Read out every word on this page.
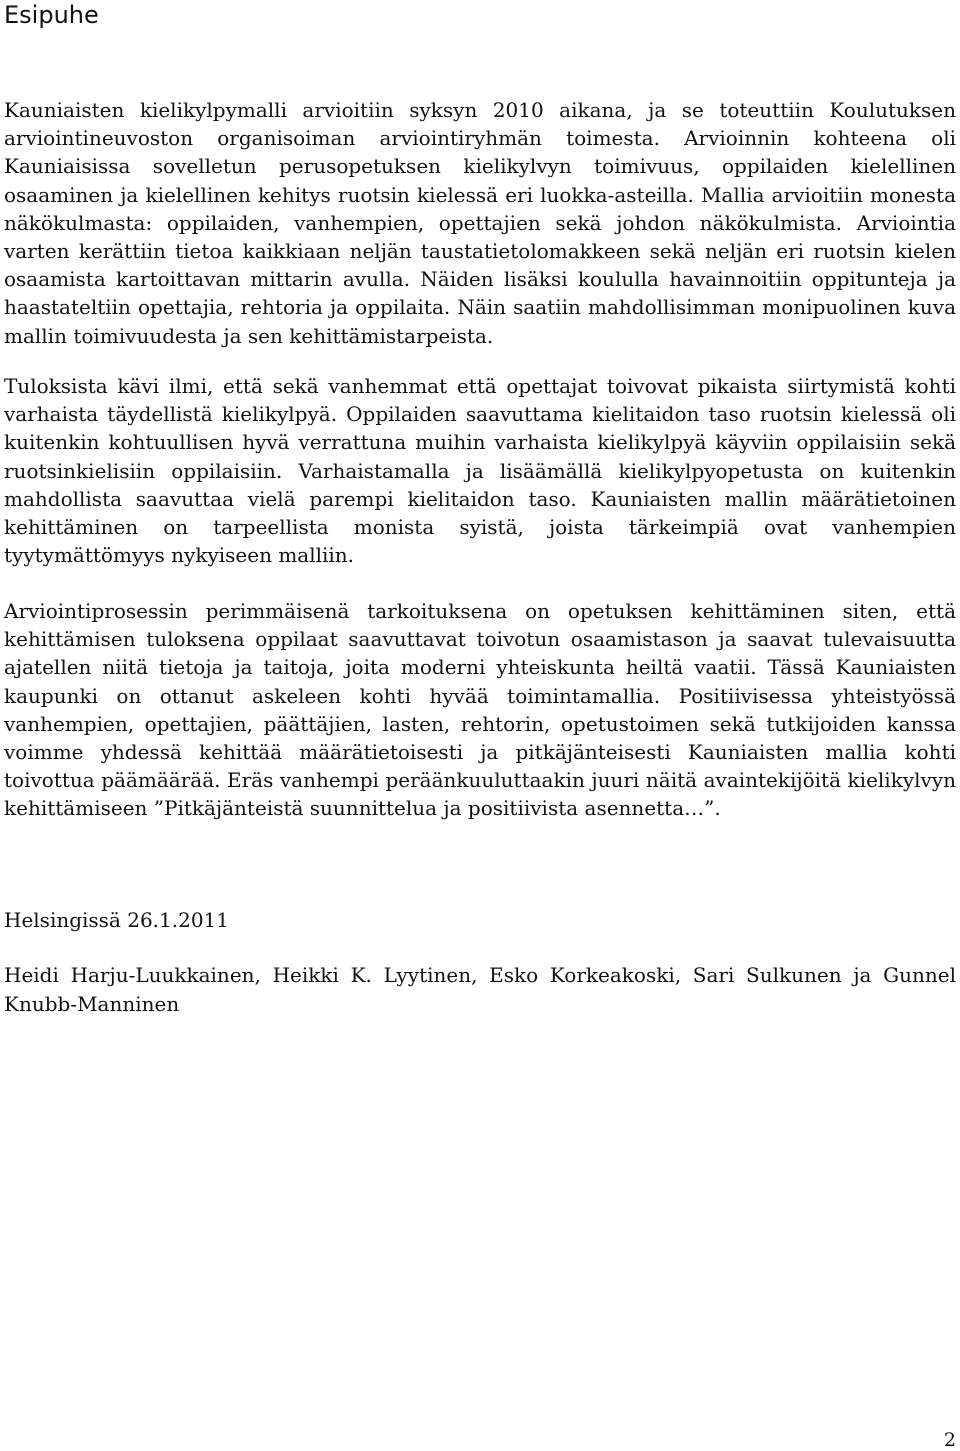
Esipuhe

Kauniaisten kielikylpymalli arvioitiin syksyn 2010 aikana, ja se toteuttiin Koulutuksen arviointineuvoston organisoiman arviointiryhmän toimesta. Arvioinnin kohteena oli Kauniaisissa sovelletun perusopetuksen kielikylvyn toimivuus, oppilaiden kielellinen osaaminen ja kielellinen kehitys ruotsin kielessä eri luokka-asteilla. Mallia arvioitiin monesta näkökulmasta: oppilaiden, vanhempien, opettajien sekä johdon näkökulmista. Arviointia varten kerättiin tietoa kaikkiaan neljän taustatietolomakkeen sekä neljän eri ruotsin kielen osaamista kartoittavan mittarin avulla. Näiden lisäksi koululla havainnoitiin oppitunteja ja haastateltiin opettajia, rehtoria ja oppilaita. Näin saatiin mahdollisimman monipuolinen kuva mallin toimivuudesta ja sen kehittämistarpeista.

Tuloksista kävi ilmi, että sekä vanhemmat että opettajat toivovat pikaista siirtymistä kohti varhaista täydellistä kielikylpyä. Oppilaiden saavuttama kielitaidon taso ruotsin kielessä oli kuitenkin kohtuullisen hyvä verrattuna muihin varhaista kielikylpyä käyviin oppilaisiin sekä ruotsinkielisiin oppilaisiin. Varhaistamalla ja lisäämällä kielikylpyopetusta on kuitenkin mahdollista saavuttaa vielä parempi kielitaidon taso. Kauniaisten mallin määrätietoinen kehittäminen on tarpeellista monista syistä, joista tärkeimpiä ovat vanhempien tyytymättömyys nykyiseen malliin.

Arviointiprosessin perimmäisenä tarkoituksena on opetuksen kehittäminen siten, että kehittämisen tuloksena oppilaat saavuttavat toivotun osaamistason ja saavat tulevaisuutta ajatellen niitä tietoja ja taitoja, joita moderni yhteiskunta heiltä vaatii. Tässä Kauniaisten kaupunki on ottanut askeleen kohti hyvää toimintamallia. Positiivisessa yhteistyössä vanhempien, opettajien, päättäjien, lasten, rehtorin, opetustoimen sekä tutkijoiden kanssa voimme yhdessä kehittää määrätietoisesti ja pitkäjänteisesti Kauniaisten mallia kohti toivottua päämäärää. Eräs vanhempi peräänkuuluttaakin juuri näitä avaintekijöitä kielikylvyn kehittämiseen ”Pitkäjänteistä suunnittelua ja positiivista asennetta…”.

Helsingissä 26.1.2011

Heidi Harju-Luukkainen, Heikki K. Lyytinen, Esko Korkeakoski, Sari Sulkunen ja Gunnel Knubb-Manninen

2
